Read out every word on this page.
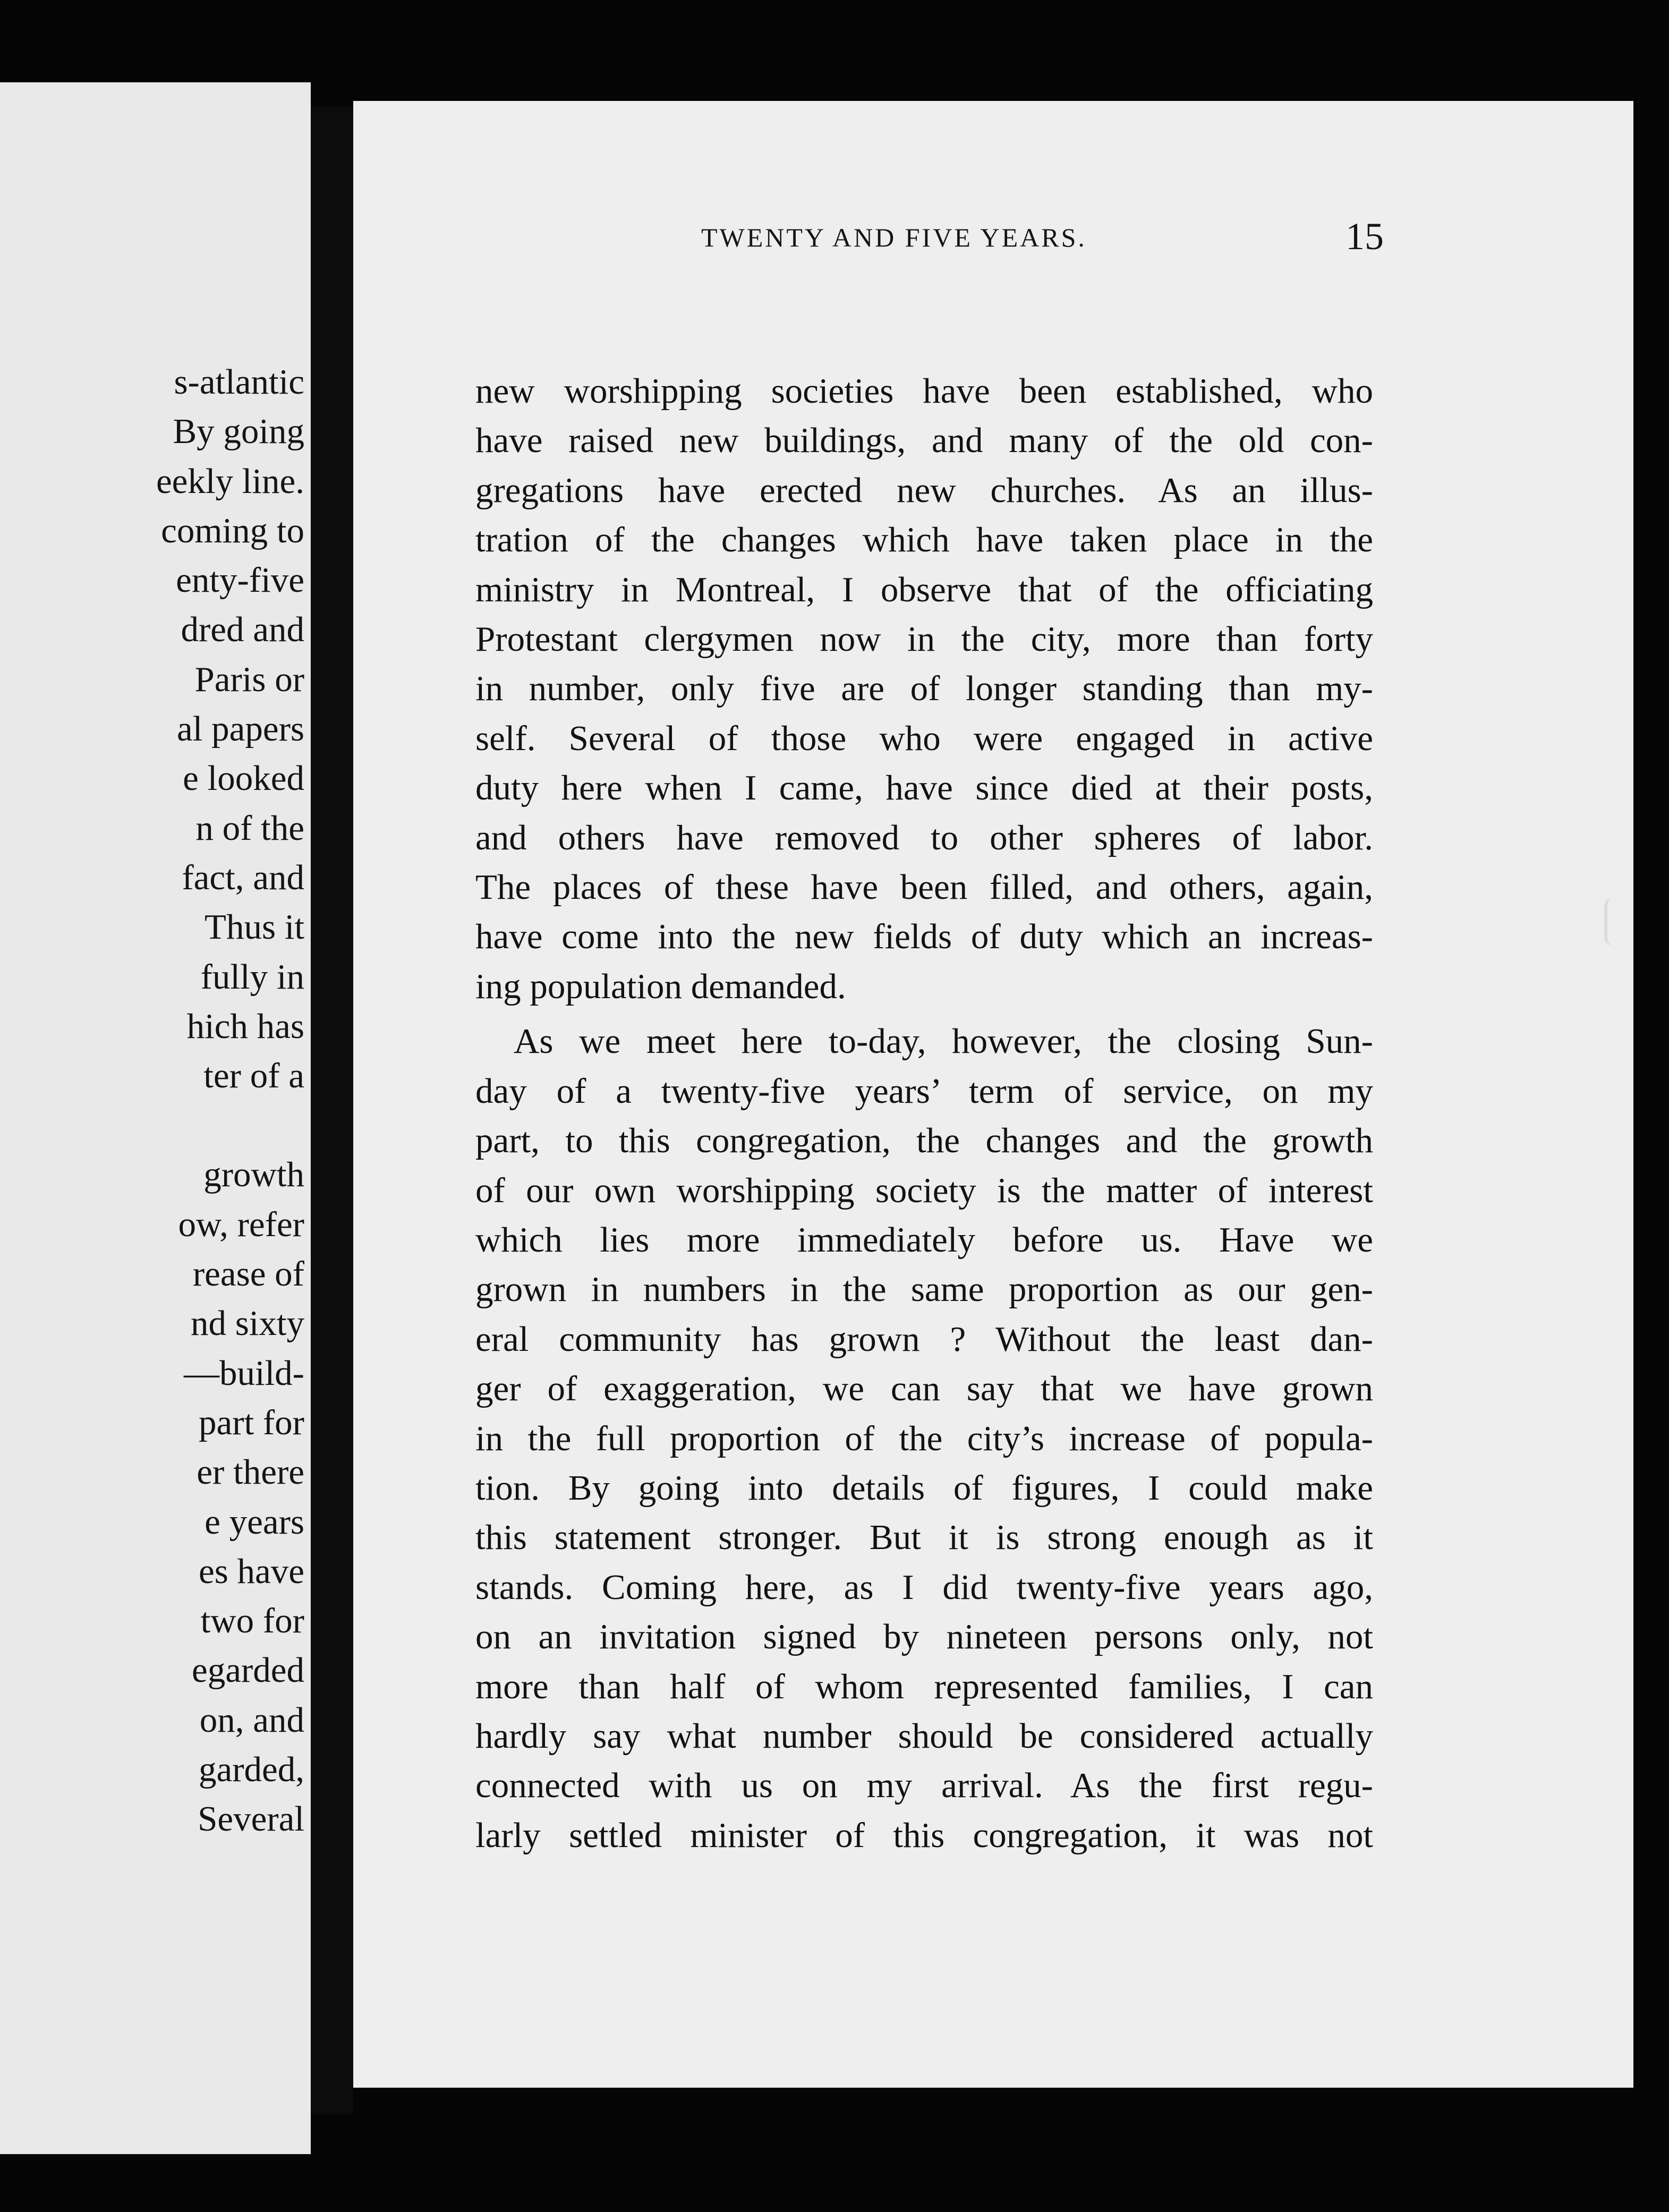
s-atlantic
By going
eekly line.
coming to
enty-five
dred and
Paris or
al papers
e looked
n of the
fact, and
Thus it
fully in
hich has
ter of a
growth
ow, refer
rease of
nd sixty
—build-
part for
er there
e years
es have
two for
egarded
on, and
garded,
Several
TWENTY AND FIVE YEARS.	15
new worshipping societies have been established, who
have raised new buildings, and many of the old con-
gregations have erected new churches. As an illus-
tration of the changes which have taken place in the
ministry in Montreal, I observe that of the officiating
Protestant clergymen now in the city, more than forty
in number, only five are of longer standing than my-
self. Several of those who were engaged in active
duty here when I came, have since died at their posts,
and others have removed to other spheres of labor.
The places of these have been filled, and others, again,
have come into the new fields of duty which an increas-
ing population demanded.
As we meet here to-day, however, the closing Sun-
day of a twenty-five years’ term of service, on my
part, to this congregation, the changes and the growth
of our own worshipping society is the matter of interest
which lies more immediately before us. Have we
grown in numbers in the same proportion as our gen-
eral community has grown ? Without the least dan-
ger of exaggeration, we can say that we have grown
in the full proportion of the city’s increase of popula-
tion. By going into details of figures, I could make
this statement stronger. But it is strong enough as it
stands. Coming here, as I did twenty-five years ago,
on an invitation signed by nineteen persons only, not
more than half of whom represented families, I can
hardly say what number should be considered actually
connected with us on my arrival. As the first regu-
larly settled minister of this congregation, it was not
